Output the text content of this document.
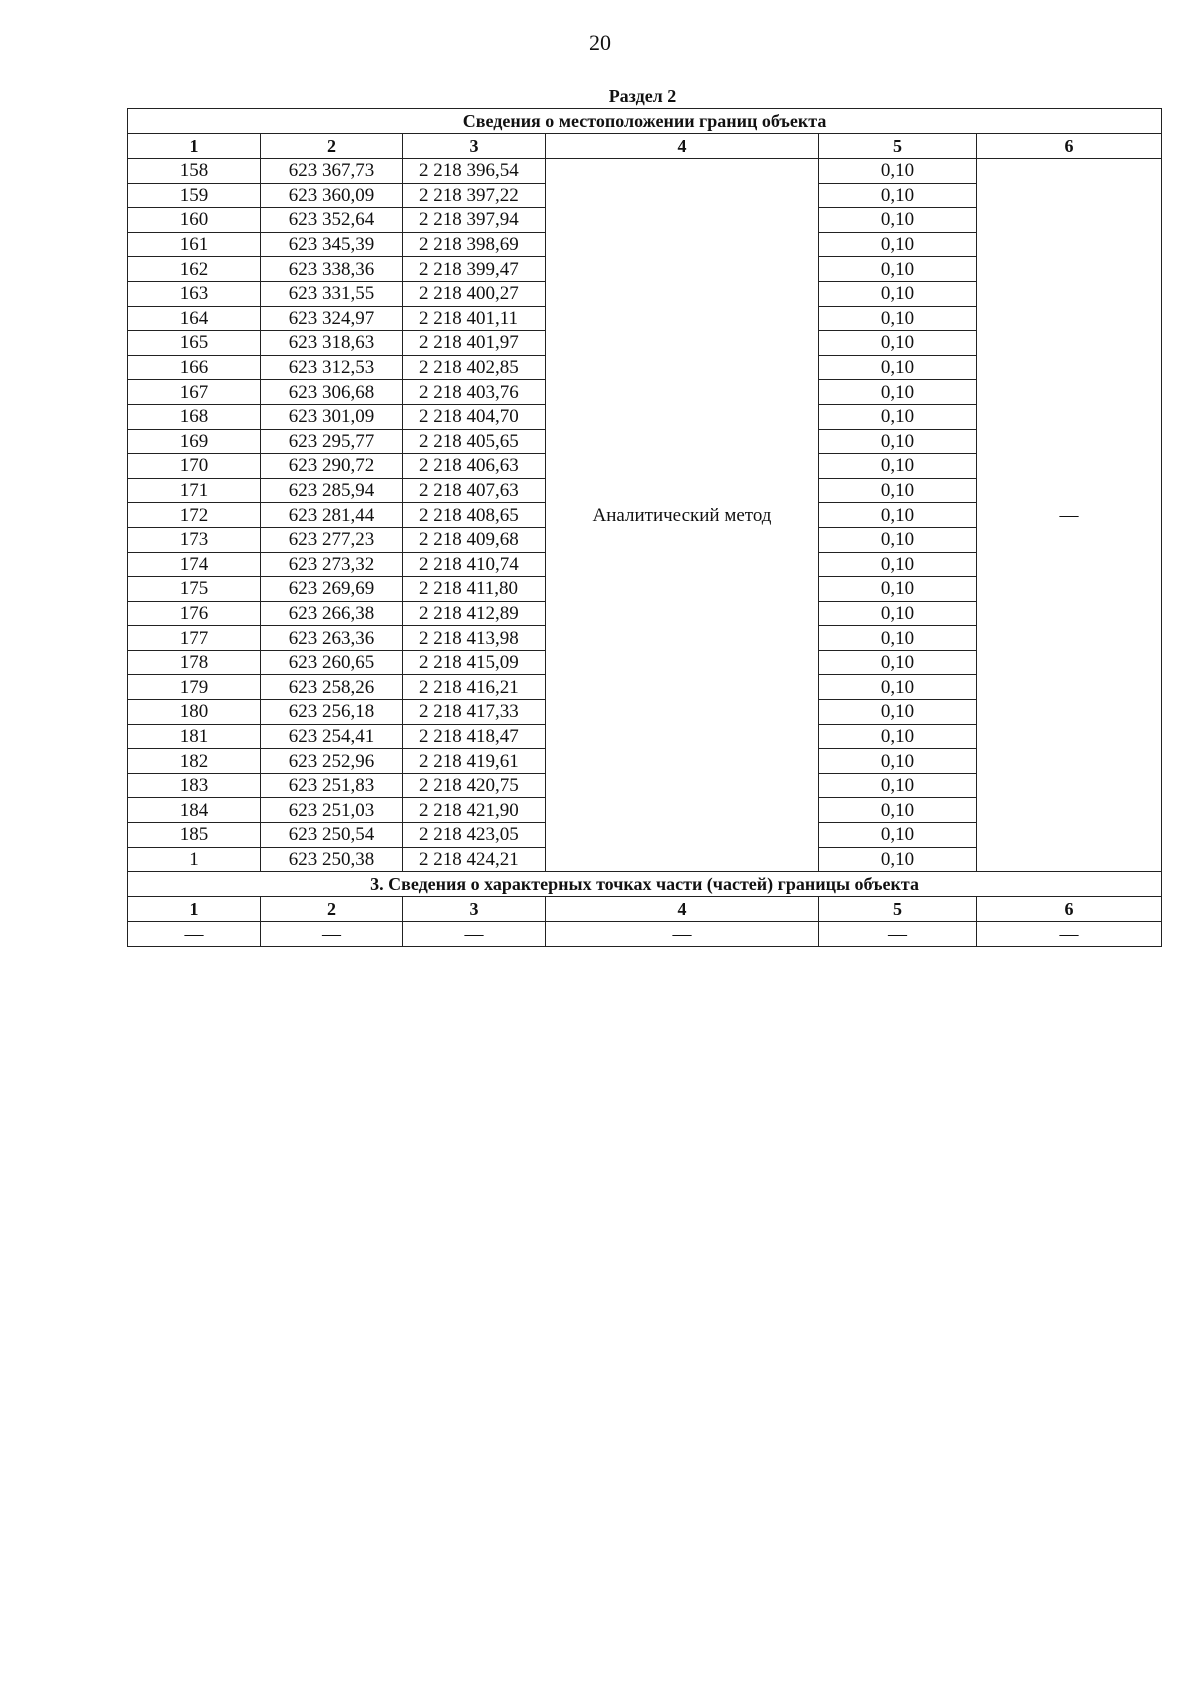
20
Раздел 2
Сведения о местоположении границ объекта					
1	2	3	4	5	6
158	623 367,73	2 218 396,54	Аналитический метод	0,10	—
159	623 360,09	2 218 397,22		0,10	
160	623 352,64	2 218 397,94		0,10	
161	623 345,39	2 218 398,69		0,10	
162	623 338,36	2 218 399,47		0,10	
163	623 331,55	2 218 400,27		0,10	
164	623 324,97	2 218 401,11		0,10	
165	623 318,63	2 218 401,97		0,10	
166	623 312,53	2 218 402,85		0,10	
167	623 306,68	2 218 403,76		0,10	
168	623 301,09	2 218 404,70		0,10	
169	623 295,77	2 218 405,65		0,10	
170	623 290,72	2 218 406,63		0,10	
171	623 285,94	2 218 407,63		0,10	
172	623 281,44	2 218 408,65		0,10	
173	623 277,23	2 218 409,68		0,10	
174	623 273,32	2 218 410,74		0,10	
175	623 269,69	2 218 411,80		0,10	
176	623 266,38	2 218 412,89		0,10	
177	623 263,36	2 218 413,98		0,10	
178	623 260,65	2 218 415,09		0,10	
179	623 258,26	2 218 416,21		0,10	
180	623 256,18	2 218 417,33		0,10	
181	623 254,41	2 218 418,47		0,10	
182	623 252,96	2 218 419,61		0,10	
183	623 251,83	2 218 420,75		0,10	
184	623 251,03	2 218 421,90		0,10	
185	623 250,54	2 218 423,05		0,10	
1	623 250,38	2 218 424,21		0,10	
3. Сведения о характерных точках части (частей) границы объекта					
1	2	3	4	5	6
—	—	—	—	—	—
